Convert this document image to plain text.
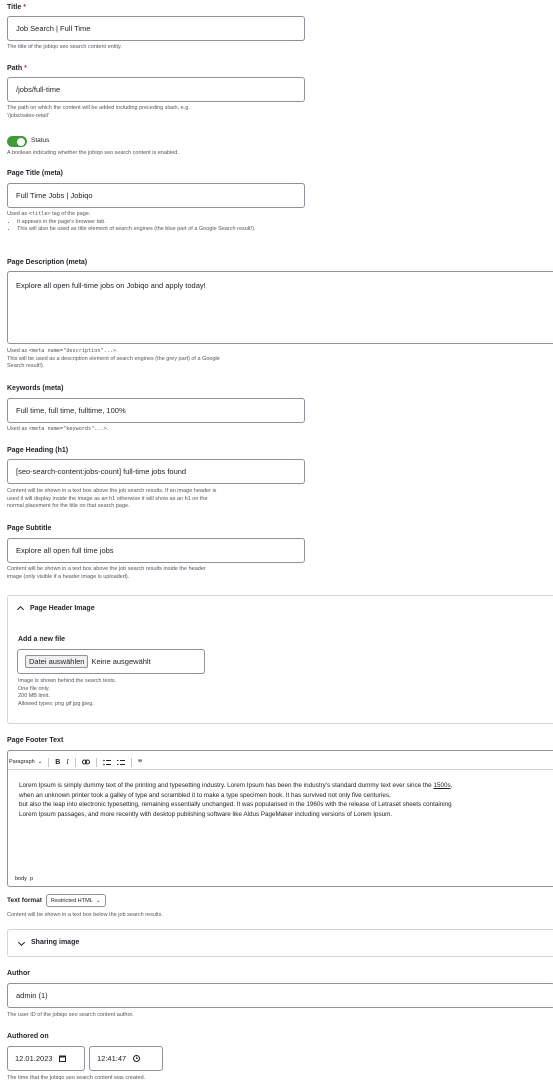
Title *
Job Search | Full Time
The title of the jobiqo seo search content entity.
Path *
/jobs/full-time
The path on which the content will be added including preceding slash, e.g.
'/jobs/sales-retail'
Status
A boolean indicating whether the jobiqo seo search content is enabled.
Page Title (meta)
Full Time Jobs | Jobiqo
Used as <title> tag of the page.
• It appears in the page's browser tab.
• This will also be used as title element of search engines (the blue part of a Google Search result!).
Page Description (meta)
Explore all open full-time jobs on Jobiqo and apply today!
Used as <meta name="description"...>.
This will be used as a description element of search engines (the grey part) of a Google
Search result!).
Keywords (meta)
Full time, full time, fulltime, 100%
Used as <meta name="keywords"...>.
Page Heading (h1)
[seo-search-content:jobs-count] full-time jobs found
Content will be shown in a text box above the job search results. If an image header is
used it will display inside the image as an h1 otherwise it will show as an h1 on the
normal placement for the title on that search page.
Page Subtitle
Explore all open full time jobs
Content will be shown in a text box above the job search results inside the header
image (only visible if a header image is uploaded).
Page Header Image
Add a new file
Datei auswählen Keine ausgewählt
Image is shown behind the search texts.
One file only.
200 MB limit.
Allowed types: png gif jpg jpeg.
Page Footer Text
Paragraph ⌄ B I	”
Lorem Ipsum is simply dummy text of the printing and typesetting industry. Lorem Ipsum has been the industry's standard dummy text ever since the 1500s,
when an unknown printer took a galley of type and scrambled it to make a type specimen book. It has survived not only five centuries,
but also the leap into electronic typesetting, remaining essentially unchanged. It was popularised in the 1960s with the release of Letraset sheets containing
Lorem Ipsum passages, and more recently with desktop publishing software like Aldus PageMaker including versions of Lorem Ipsum.
body p
Text format Restricted HTML ⌄
Content will be shown in a text box below the job search results.
Sharing image
Author
admin (1)
The user ID of the jobiqo seo search content author.
Authored on
12.01.2023	12:41:47
The time that the jobiqo seo search content was created.
